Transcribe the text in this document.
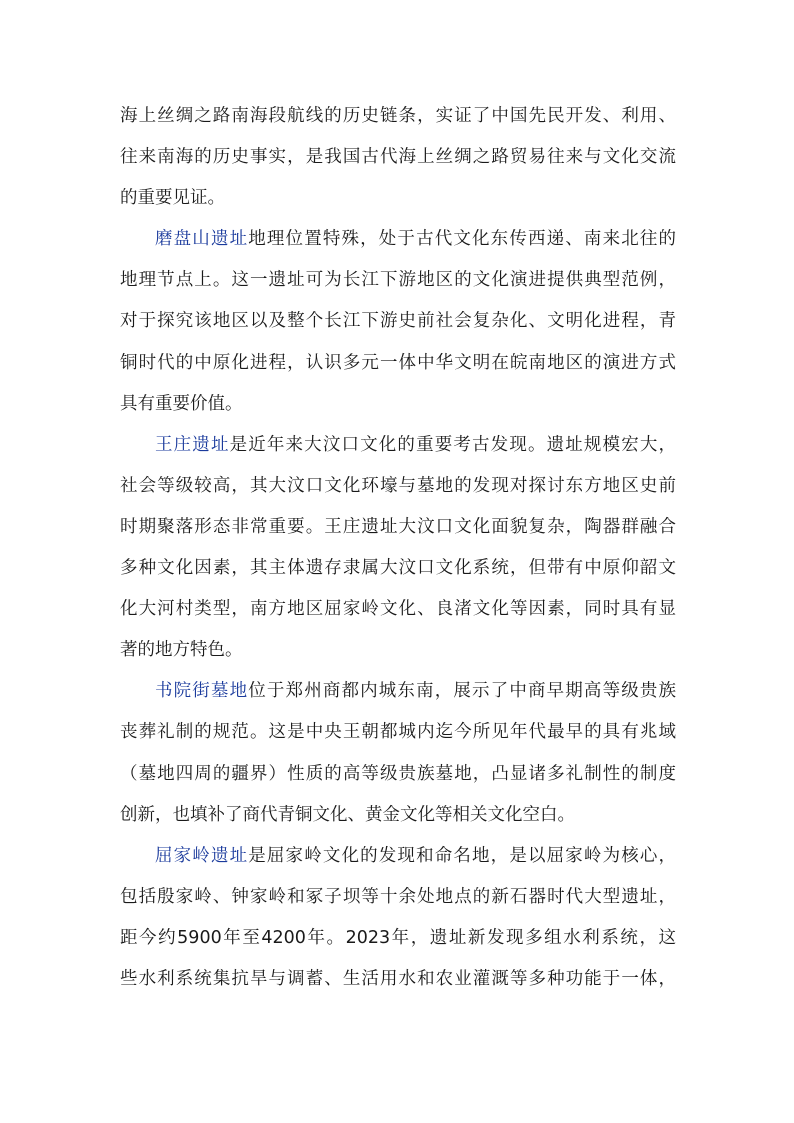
海上丝绸之路南海段航线的历史链条，实证了中国先民开发、利用、
往来南海的历史事实，是我国古代海上丝绸之路贸易往来与文化交流
的重要见证。
磨盘山遗址地理位置特殊，处于古代文化东传西递、南来北往的
地理节点上。这一遗址可为长江下游地区的文化演进提供典型范例，
对于探究该地区以及整个长江下游史前社会复杂化、文明化进程，青
铜时代的中原化进程，认识多元一体中华文明在皖南地区的演进方式
具有重要价值。
王庄遗址是近年来大汶口文化的重要考古发现。遗址规模宏大，
社会等级较高，其大汶口文化环壕与墓地的发现对探讨东方地区史前
时期聚落形态非常重要。王庄遗址大汶口文化面貌复杂，陶器群融合
多种文化因素，其主体遗存隶属大汶口文化系统，但带有中原仰韶文
化大河村类型，南方地区屈家岭文化、良渚文化等因素，同时具有显
著的地方特色。
书院街墓地位于郑州商都内城东南，展示了中商早期高等级贵族
丧葬礼制的规范。这是中央王朝都城内迄今所见年代最早的具有兆域
（墓地四周的疆界）性质的高等级贵族墓地，凸显诸多礼制性的制度
创新，也填补了商代青铜文化、黄金文化等相关文化空白。
屈家岭遗址是屈家岭文化的发现和命名地，是以屈家岭为核心，
包括殷家岭、钟家岭和冢子坝等十余处地点的新石器时代大型遗址，
距今约5900年至4200年。2023年，遗址新发现多组水利系统，这
些水利系统集抗旱与调蓄、生活用水和农业灌溉等多种功能于一体，
